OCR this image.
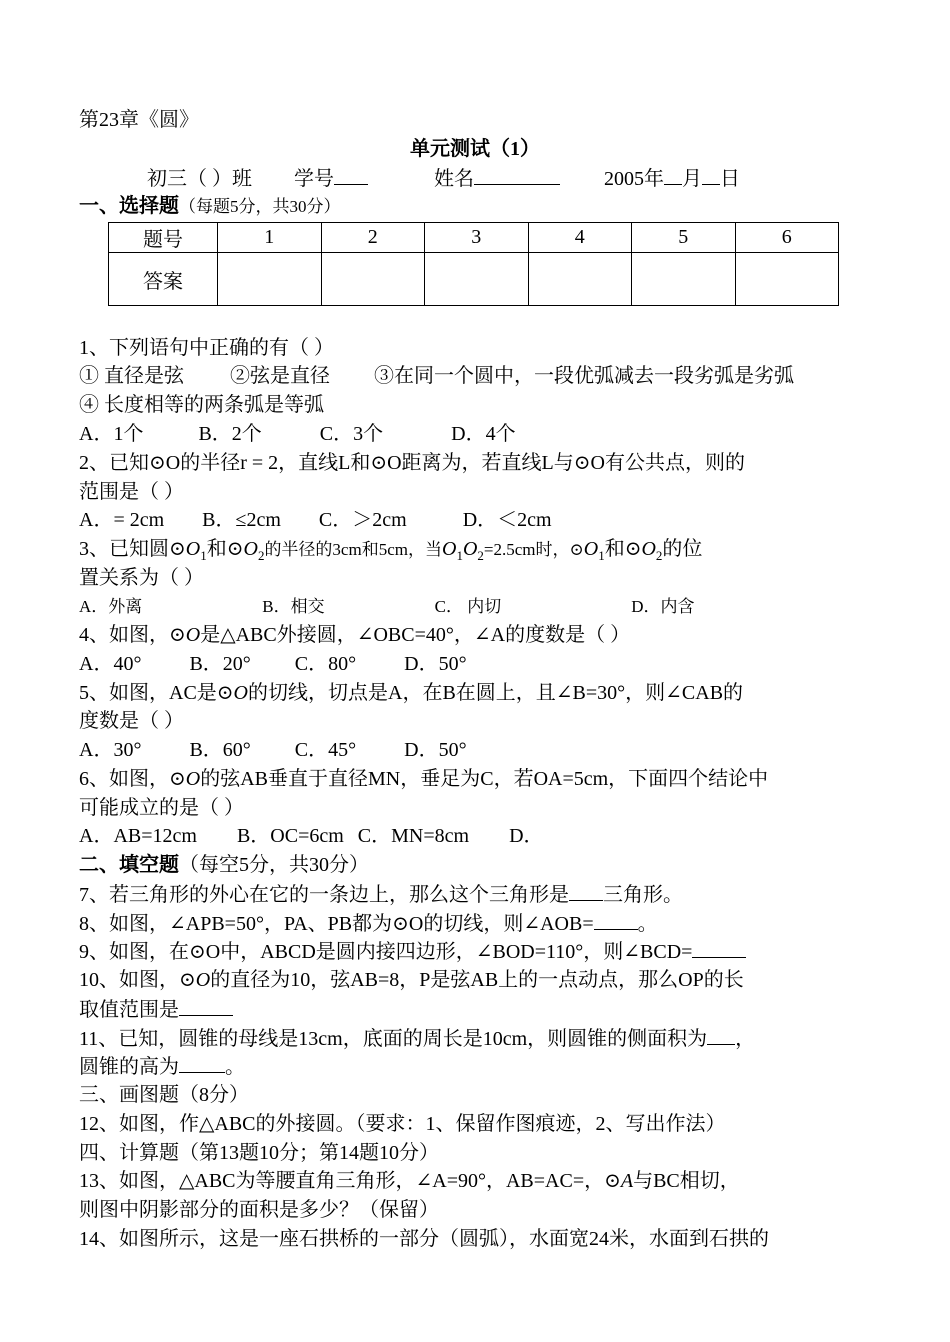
第23章《圆》
单元测试（1）
初三（ ）班 学号	姓名	2005年 月 日
一、选择题（每题5分，共30分）
题号	1	2	3	4	5	6
答案						
1、下列语句中正确的有（ ）
① 直径是弦 ②弦是直径 ③在同一个圆中，一段优弧减去一段劣弧是劣弧
④ 长度相等的两条弧是等弧
A．1个	B．2个	C．3个	D．4个
2、已知⊙O的半径r = 2，直线L和⊙O距离为，若直线L与⊙O有公共点，则的
范围是（ ）
A．= 2cm B．≤2cm C．＞2cm	D．＜2cm
3、已知圆$⊙O_1$和$⊙O_2$的半径的3cm和5cm，当$O_1O_2=2.5cm$时，$⊙O_1$和$⊙O_2$的位
置关系为（ ）
A．外离	B．相交	C． 内切	D．内含
4、如图，⊙O是△ABC外接圆，∠OBC=40°，∠A的度数是（ ）
A．40° B．20° C．80° D．50°
5、如图，AC是⊙O的切线，切点是A，在B在圆上，且∠B=30°，则∠CAB的
度数是（ ）
A．30° B．60° C．45° D．50°
6、如图，⊙O的弦AB垂直于直径MN，垂足为C，若OA=5cm，下面四个结论中
可能成立的是（ ）
A．AB=12cm B．OC=6cm C．MN=8cm D．
二、填空题（每空5分，共30分）
7、若三角形的外心在它的一条边上，那么这个三角形是 三角形。
8、如图，∠APB=50°，PA、PB都为⊙O的切线，则∠AOB= 。
9、如图，在⊙O中，ABCD是圆内接四边形，∠BOD=110°，则∠BCD=
10、如图，⊙O的直径为10，弦AB=8，P是弦AB上的一点动点，那么OP的长
取值范围是
11、已知，圆锥的母线是13cm，底面的周长是10cm，则圆锥的侧面积为 ，
圆锥的高为 。
三、画图题（8分）
12、如图，作△ABC的外接圆。（要求：1、保留作图痕迹，2、写出作法）
四、计算题（第13题10分；第14题10分）
13、如图，△ABC为等腰直角三角形，∠A=90°，AB=AC=，⊙A与BC相切，
则图中阴影部分的面积是多少？（保留）
14、如图所示，这是一座石拱桥的一部分（圆弧），水面宽24米，水面到石拱的
